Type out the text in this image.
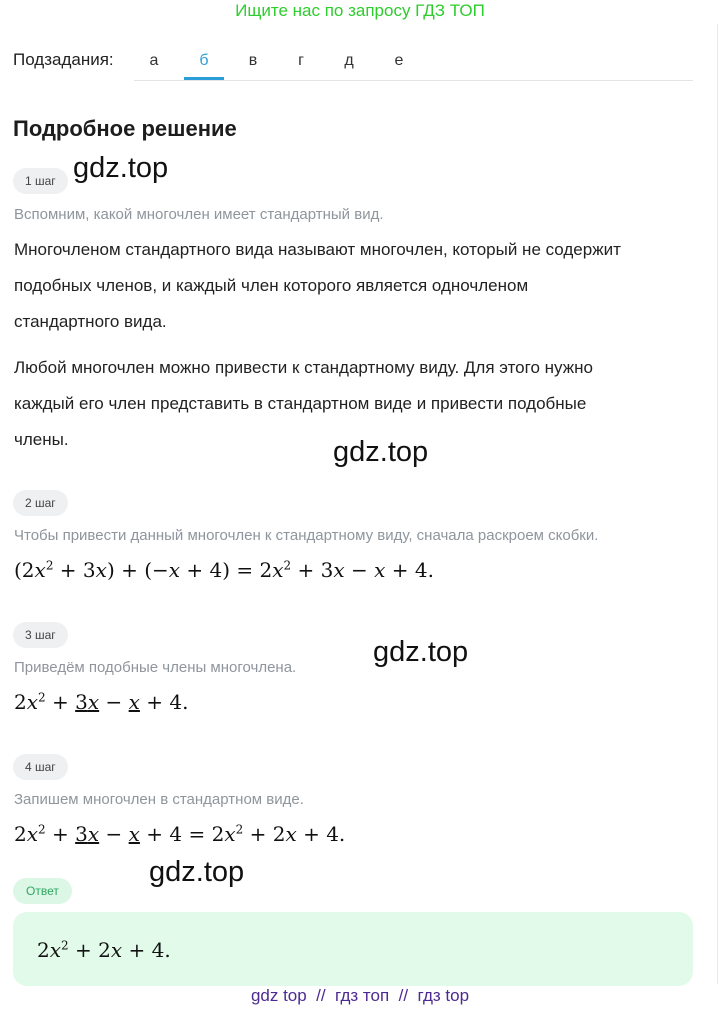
Ищите нас по запросу ГДЗ ТОП
Подзадания:	а	б	в	г	д	е
Подробное решение
1 шаг gdz.top
Вспомним, какой многочлен имеет стандартный вид.
Многочленом стандартного вида называют многочлен, который не содержит
подобных членов, и каждый член которого является одночленом
стандартного вида.
Любой многочлен можно привести к стандартному виду. Для этого нужно
каждый его член представить в стандартном виде и привести подобные
члены.	gdz.top
2 шаг
Чтобы привести данный многочлен к стандартному виду, сначала раскроем скобки.
$(2x^2 + 3x) + (-x + 4) = 2x^2 + 3x - x + 4$.
3 шаг
gdz.top
Приведём подобные члены многочлена.
$2x^2 + 3x - x + 4$.
4 шаг
Запишем многочлен в стандартном виде.
$2x^2 + 3x - x + 4 = 2x^2 + 2x + 4$.
gdz.top
Ответ
$2x^2 + 2x + 4$.
gdz top  //  гдз топ  //  гдз top
